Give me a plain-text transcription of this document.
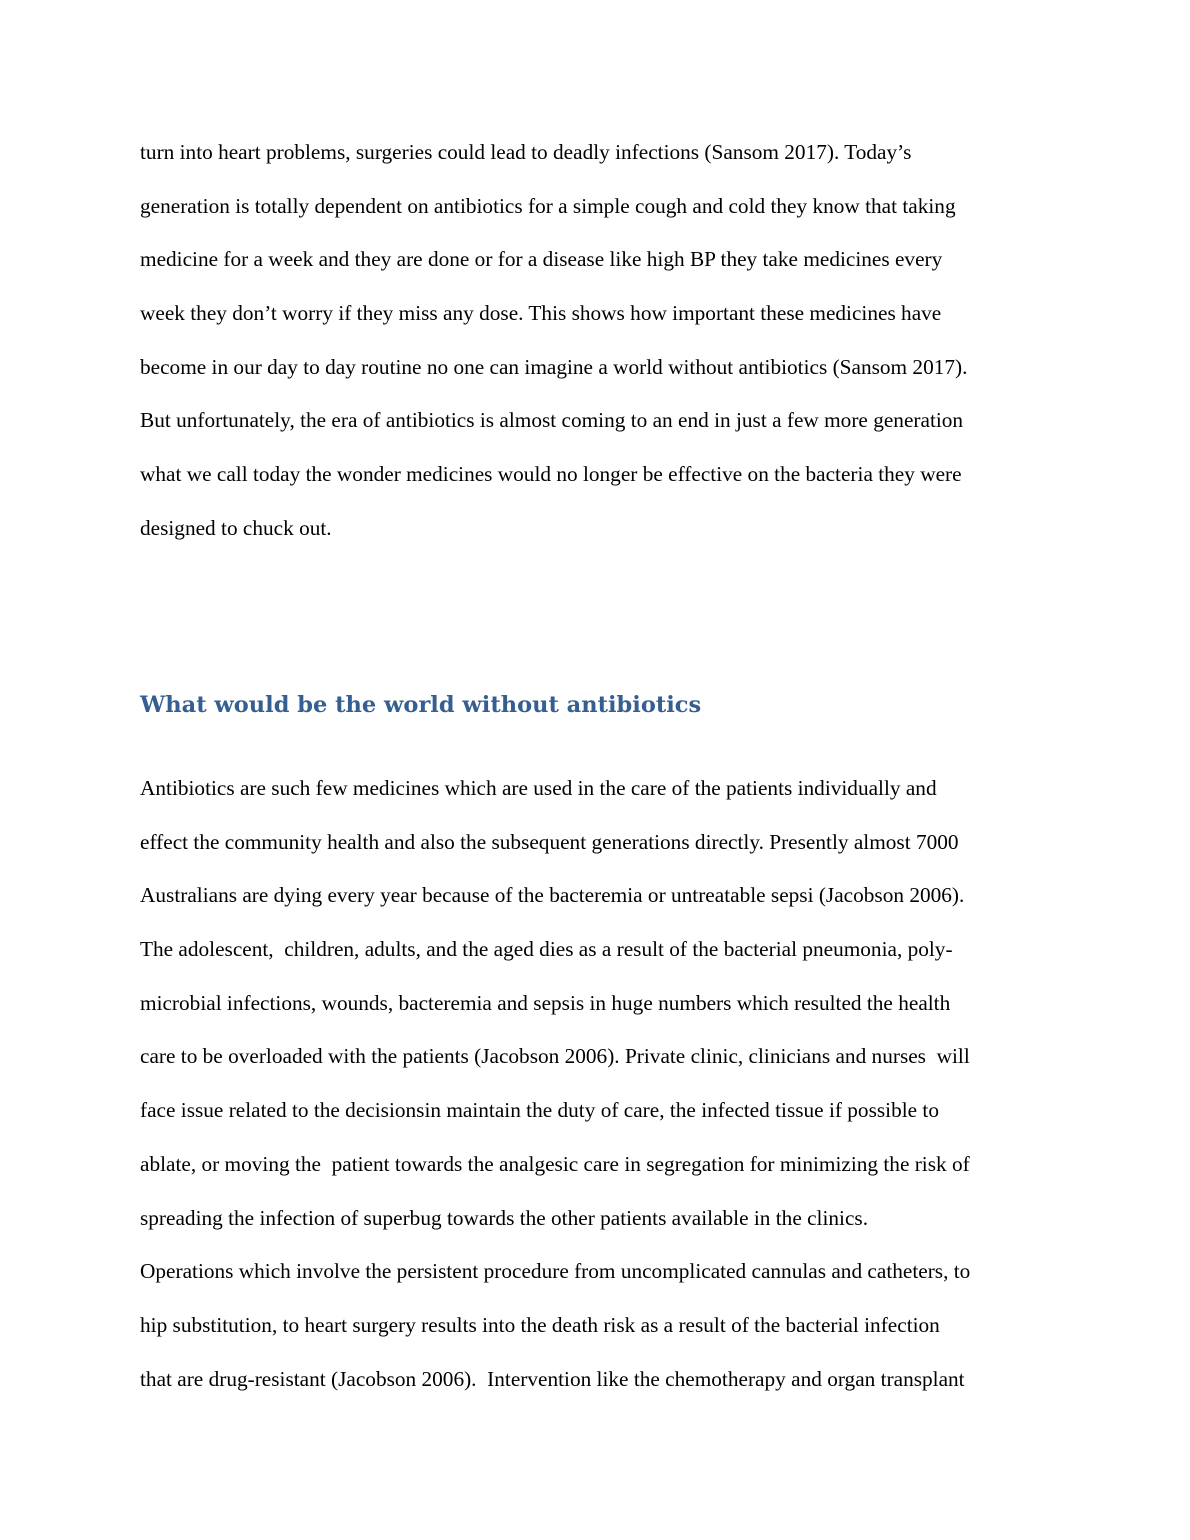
turn into heart problems, surgeries could lead to deadly infections (Sansom 2017). Today’s
generation is totally dependent on antibiotics for a simple cough and cold they know that taking
medicine for a week and they are done or for a disease like high BP they take medicines every
week they don’t worry if they miss any dose. This shows how important these medicines have
become in our day to day routine no one can imagine a world without antibiotics (Sansom 2017).
But unfortunately, the era of antibiotics is almost coming to an end in just a few more generation
what we call today the wonder medicines would no longer be effective on the bacteria they were
designed to chuck out.
What would be the world without antibiotics
Antibiotics are such few medicines which are used in the care of the patients individually and
effect the community health and also the subsequent generations directly. Presently almost 7000
Australians are dying every year because of the bacteremia or untreatable sepsi (Jacobson 2006).
The adolescent,  children, adults, and the aged dies as a result of the bacterial pneumonia, poly-
microbial infections, wounds, bacteremia and sepsis in huge numbers which resulted the health
care to be overloaded with the patients (Jacobson 2006). Private clinic, clinicians and nurses  will
face issue related to the decisionsin maintain the duty of care, the infected tissue if possible to
ablate, or moving the  patient towards the analgesic care in segregation for minimizing the risk of
spreading the infection of superbug towards the other patients available in the clinics.
Operations which involve the persistent procedure from uncomplicated cannulas and catheters, to
hip substitution, to heart surgery results into the death risk as a result of the bacterial infection
that are drug-resistant (Jacobson 2006).  Intervention like the chemotherapy and organ transplant
